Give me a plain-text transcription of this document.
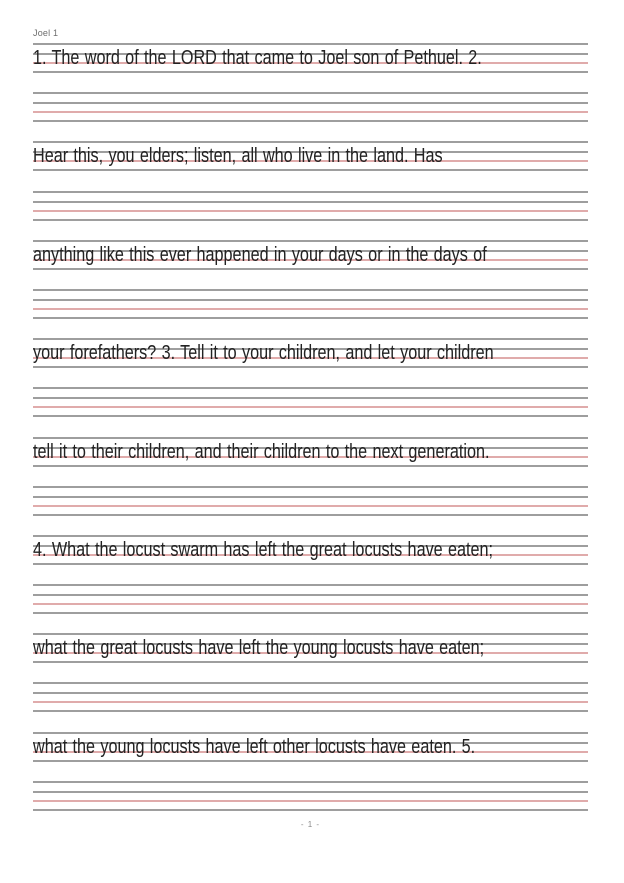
Joel 1
1. The word of the LORD that came to Joel son of Pethuel. 2.
Hear this, you elders; listen, all who live in the land. Has
anything like this ever happened in your days or in the days of
your forefathers? 3. Tell it to your children, and let your children
tell it to their children, and their children to the next generation.
4. What the locust swarm has left the great locusts have eaten;
what the great locusts have left the young locusts have eaten;
what the young locusts have left other locusts have eaten. 5.
- 1 -
